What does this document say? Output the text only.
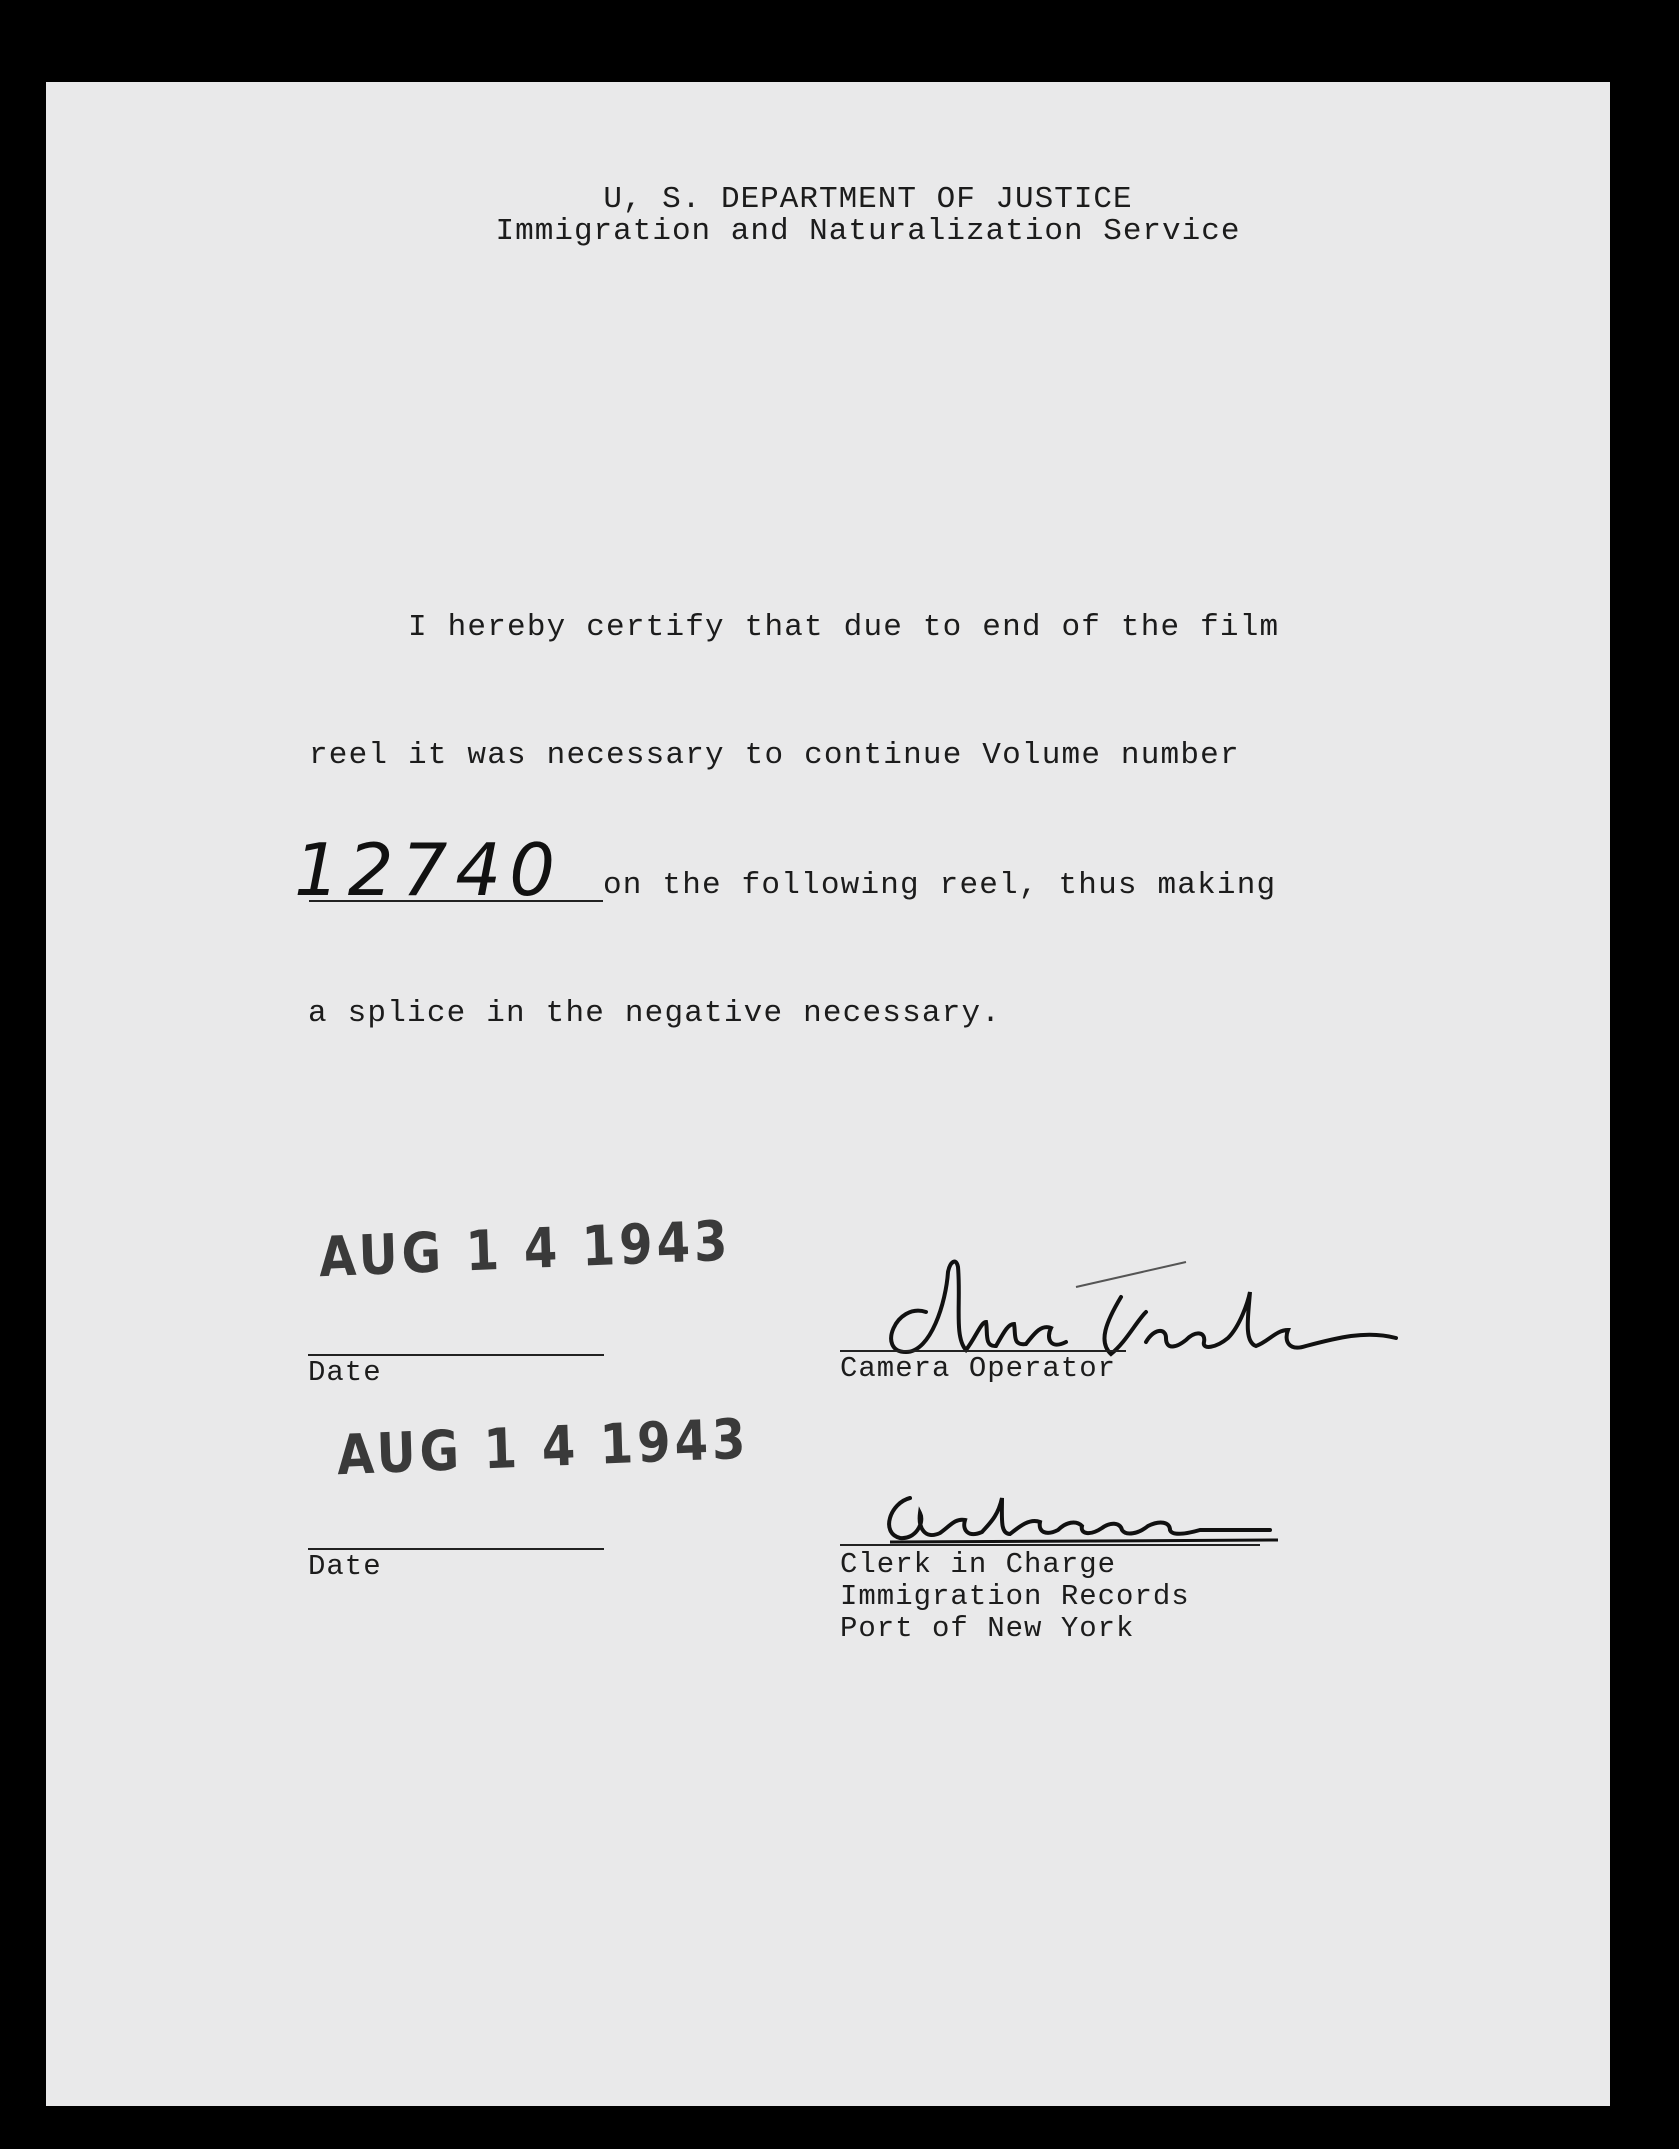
U, S. DEPARTMENT OF JUSTICE
Immigration and Naturalization Service
I hereby certify that due to end of the film
reel it was necessary to continue Volume number
12740 on the following reel, thus making
a splice in the negative necessary.
AUG 1 4 1943
Date	Camera Operator
AUG 1 4 1943
Date	Clerk in Charge
Immigration Records
Port of New York
